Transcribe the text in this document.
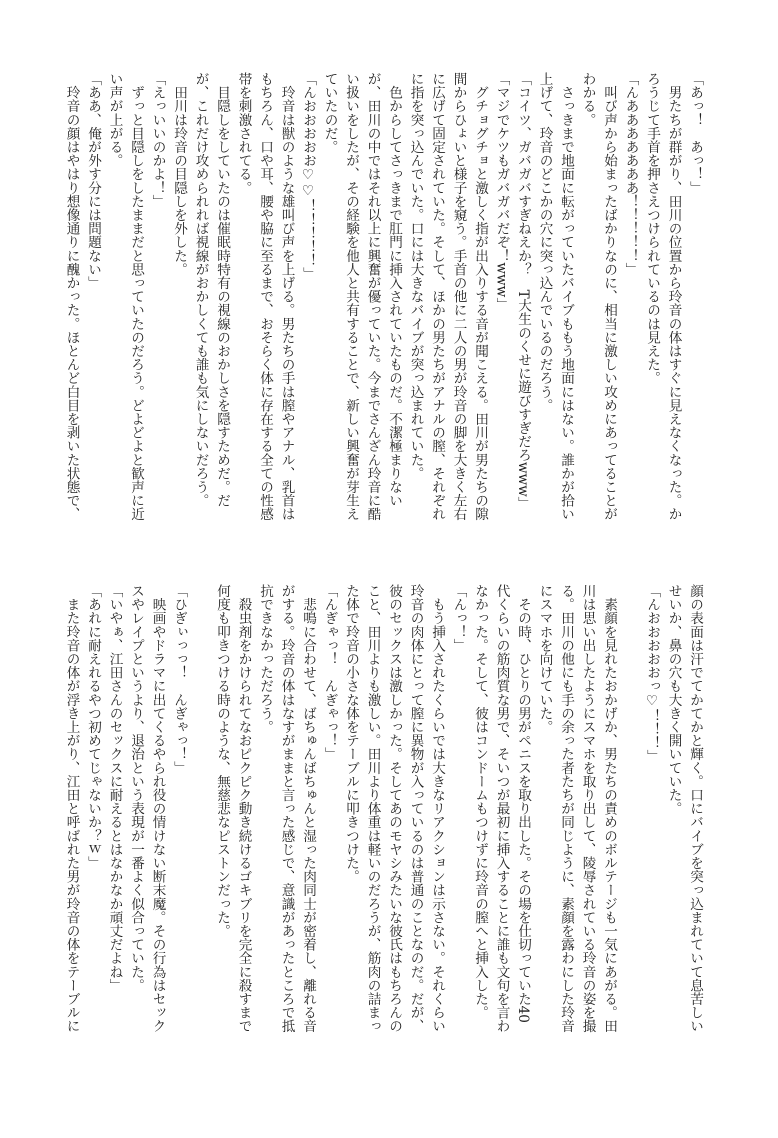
「あっ！　あっ！」

　男たちが群がり、田川の位置から玲音の体はすぐに見えなくなった。か

ろうじて手首を押さえつけられているのは見えた。

「んあああああああ！！！！！」

　叫び声から始まったばかりなのに、相当に激しい攻めにあってることが

わかる。

　さっきまで地面に転がっていたバイブももう地面にはない。誰かが拾い

上げて、玲音のどこかの穴に突っ込んでいるのだろう。

「コイツ、ガバガバすぎねえか？　T大生のくせに遊びすぎだろwww」

「マジでケツもガバガバだぞ！www」

　グチョグチョと激しく指が出入りする音が聞こえる。田川が男たちの隙

間からひょいと様子を窺う。手首の他に二人の男が玲音の脚を大きく左右

に広げて固定されていた。そして、ほかの男たちがアナルの膣、それぞれ

に指を突っ込んでいた。口には大きなバイブが突っ込まれていた。

　色からしてさっきまで肛門に挿入されていたものだ。不潔極まりない

が、田川の中ではそれ以上に興奮が優っていた。今までさんざん玲音に酷

い扱いをしたが、その経験を他人と共有することで、新しい興奮が芽生え

ていたのだ。

「んおおおおお♡♡！！！！！」

　玲音は獣のような雄叫び声を上げる。男たちの手は膣やアナル、乳首は

もちろん、口や耳、腰や脇に至るまで、おそらく体に存在する全ての性感

帯を刺激されてる。

　目隠しをしていたのは催眠時特有の視線のおかしさを隠すためだ。だ

が、これだけ攻められれば視線がおかしくても誰も気にしないだろう。

　田川は玲音の目隠しを外した。

「えっいいのかよ！」

　ずっと目隠しをしたままだと思っていたのだろう。どよどよと歓声に近

い声が上がる。

「ああ、俺が外す分には問題ない」

　玲音の顔はやはり想像通りに醜かった。ほとんど白目を剥いた状態で、

顔の表面は汗でてかてかと輝く。口にバイブを突っ込まれていて息苦しい

せいか、鼻の穴も大きく開いていた。

「んおおおおおっ♡！！！」

　素顔を見れたおかげか、男たちの責めのボルテージも一気にあがる。田

川は思い出したようにスマホを取り出して、陵辱されている玲音の姿を撮

る。田川の他にも手の余った者たちが同じように、素顔を露わにした玲音

にスマホを向けていた。

　その時、ひとりの男がペニスを取り出した。その場を仕切っていた40

代くらいの筋肉質な男で、そいつが最初に挿入することに誰も文句を言わ

なかった。そして、彼はコンドームもつけずに玲音の膣へと挿入した。

「んっ！」

　もう挿入されたくらいでは大きなリアクションは示さない。それくらい

玲音の肉体にとって膣に異物が入っているのは普通のことなのだ。だが、

彼のセックスは激しかった。そしてあのモヤシみたいな彼氏はもちろんの

こと、田川よりも激しい。田川より体重は軽いのだろうが、筋肉の詰まっ

た体で玲音の小さな体をテーブルに叩きつけた。

「んぎゃっ！　んぎゃっ！」

　悲鳴に合わせて、ばちゅんばちゅんと湿った肉同士が密着し、離れる音

がする。玲音の体はなすがままと言った感じで、意識があったところで抵

抗できなかっただろう。

　殺虫剤をかけられてなおピクピク動き続けるゴキブリを完全に殺すまで

何度も叩きつける時のような、無慈悲なピストンだった。

「ひぎぃっっ！　んぎゃっ！」

　映画やドラマに出てくるやられ役の情けない断末魔。その行為はセック

スやレイプというより、退治という表現が一番よく似合っていた。

「いやぁ、江田さんのセックスに耐えるとはなかなか頑丈だよね」

「あれに耐えれるやつ初めてじゃないか？ｗ」

　また玲音の体が浮き上がり、江田と呼ばれた男が玲音の体をテーブルに
